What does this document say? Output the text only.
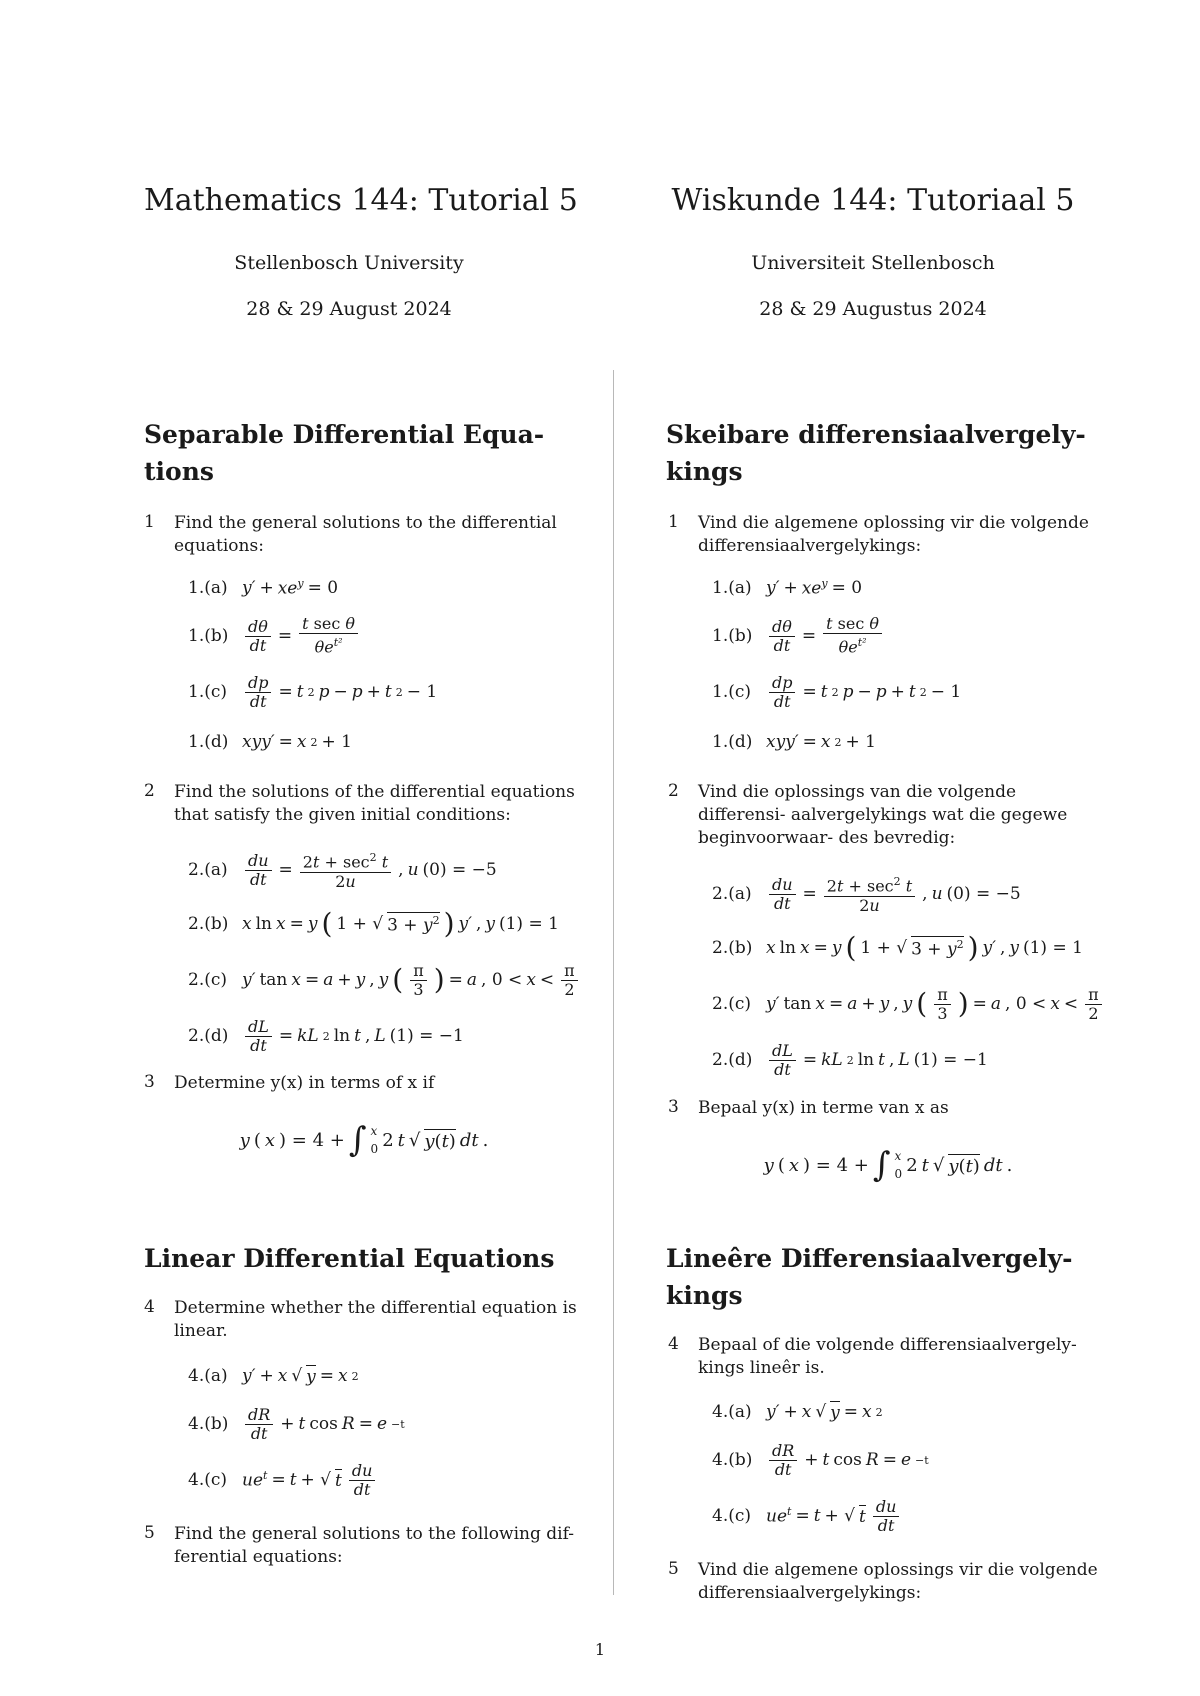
Mathematics 144: Tutorial 5
Stellenbosch University
28 & 29 August 2024
Separable Differential Equa- tions
1	Find the general solutions to the differential equations:
1.(a) $y' + xe^y = 0$
1.(b)	$\frac{d\theta}{dt} = \frac{\text{t sec θ}}{\theta e^{t^2}}$
1.(c)	$\frac{dp}{dt} = t$ 2 p − p + t 2 − 1
1.(d) xyy′ = x 2 + 1
2	Find the solutions of the differential equations that satisfy the given initial conditions:
2.(a)	$\frac{du}{dt} = \frac{2t + \sec^2 t}{2u}$ , u (0) = −5
2.(b) x ln x = y ( 1 + √ $3 + y^2$ ) y′ , y (1) = 1
2.(c) y′ tan x = a + y , y ( $\frac{\pi}{3}$ ) = a , $0 < x < \frac{\pi}{2}$
2.(d)	$\frac{dL}{dt}$ = kL 2 ln t , L (1) = −1
3	Determine y(x) in terms of x if
y ( x ) = 4 + ∫ x
0 2 t √ y(t) dt .
Linear Differential Equations
4	Determine whether the differential equation is linear.
4.(a) y′ + x √ y = x 2
4.(b)	$\frac{dR}{dt} + t$ cos R = e −t
4.(c) $ue^t = t$ + √ t $\frac{du}{dt}$
5	Find the general solutions to the following dif- ferential equations:
Wiskunde 144: Tutoriaal 5
Universiteit Stellenbosch
28 & 29 Augustus 2024
Skeibare differensiaalvergely- kings
1	Vind die algemene oplossing vir die volgende differensiaalvergelykings:
1.(a) $y' + xe^y = 0$
1.(b)	$\frac{d\theta}{dt} = \frac{\text{t sec θ}}{\theta e^{t^2}}$
1.(c)	$\frac{dp}{dt} = t$ 2 p − p + t 2 − 1
1.(d) xyy′ = x 2 + 1
2	Vind die oplossings van die volgende differensi- aalvergelykings wat die gegewe beginvoorwaar- des bevredig:
2.(a)	$\frac{du}{dt} = \frac{2t + \sec^2 t}{2u}$ , u (0) = −5
2.(b) x ln x = y ( 1 + √ $3 + y^2$ ) y′ , y (1) = 1
2.(c) y′ tan x = a + y , y ( $\frac{\pi}{3}$ ) = a , $0 < x < \frac{\pi}{2}$
2.(d)	$\frac{dL}{dt}$ = kL 2 ln t , L (1) = −1
3	Bepaal y(x) in terme van x as
y ( x ) = 4 + ∫ x
0 2 t √ y(t) dt .
Lineêre Differensiaalvergely- kings
4	Bepaal of die volgende differensiaalvergely- kings lineêr is.
4.(a) y′ + x √ y = x 2
4.(b)	$\frac{dR}{dt} + t$ cos R = e −t
4.(c) $ue^t = t$ + √ t $\frac{du}{dt}$
5	Vind die algemene oplossings vir die volgende differensiaalvergelykings:
1
